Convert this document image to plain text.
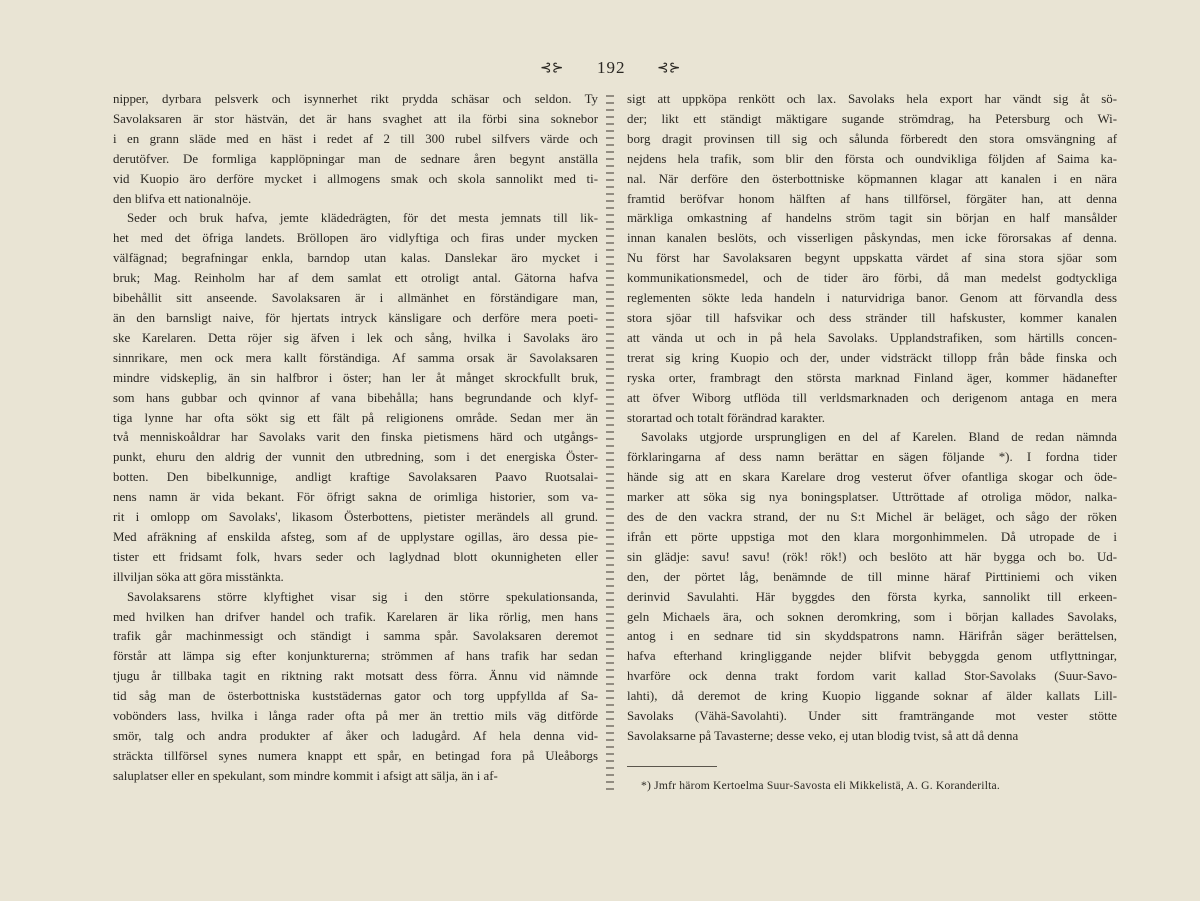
⊰⊱ 192 ⊰⊱

nipper, dyrbara pelsverk och isynnerhet rikt prydda schäsar och seldon. Ty

Savolaksaren är stor hästvän, det är hans svaghet att ila förbi sina soknebor

i en grann släde med en häst i redet af 2 till 300 rubel silfvers värde och

derutöfver. De formliga kapplöpningar man de sednare åren begynt anställa

vid Kuopio äro derföre mycket i allmogens smak och skola sannolikt med ti-

den blifva ett nationalnöje.

Seder och bruk hafva, jemte klädedrägten, för det mesta jemnats till lik-

het med det öfriga landets. Bröllopen äro vidlyftiga och firas under mycken

välfägnad; begrafningar enkla, barndop utan kalas. Danslekar äro mycket i

bruk; Mag. Reinholm har af dem samlat ett otroligt antal. Gätorna hafva

bibehållit sitt anseende. Savolaksaren är i allmänhet en förständigare man,

än den barnsligt naive, för hjertats intryck känsligare och derföre mera poeti-

ske Karelaren. Detta röjer sig äfven i lek och sång, hvilka i Savolaks äro

sinnrikare, men ock mera kallt förständiga. Af samma orsak är Savolaksaren

mindre vidskeplig, än sin halfbror i öster; han ler åt månget skrockfullt bruk,

som hans gubbar och qvinnor af vana bibehålla; hans begrundande och klyf-

tiga lynne har ofta sökt sig ett fält på religionens område. Sedan mer än

två menniskoåldrar har Savolaks varit den finska pietismens härd och utgångs-

punkt, ehuru den aldrig der vunnit den utbredning, som i det energiska Öster-

botten. Den bibelkunnige, andligt kraftige Savolaksaren Paavo Ruotsalai-

nens namn är vida bekant. För öfrigt sakna de orimliga historier, som va-

rit i omlopp om Savolaks', likasom Österbottens, pietister merändels all grund.

Med afräkning af enskilda afsteg, som af de upplystare ogillas, äro dessa pie-

tister ett fridsamt folk, hvars seder och laglydnad blott okunnigheten eller

illviljan söka att göra misstänkta.

Savolaksarens större klyftighet visar sig i den större spekulationsanda,

med hvilken han drifver handel och trafik. Karelaren är lika rörlig, men hans

trafik går machinmessigt och ständigt i samma spår. Savolaksaren deremot

förstår att lämpa sig efter konjunkturerna; strömmen af hans trafik har sedan

tjugu år tillbaka tagit en riktning rakt motsatt dess förra. Ännu vid nämnde

tid såg man de österbottniska kuststädernas gator och torg uppfyllda af Sa-

vobönders lass, hvilka i långa rader ofta på mer än trettio mils väg ditförde

smör, talg och andra produkter af åker och ladugård. Af hela denna vid-

sträckta tillförsel synes numera knappt ett spår, en betingad fora på Uleåborgs

saluplatser eller en spekulant, som mindre kommit i afsigt att sälja, än i af-

sigt att uppköpa renkött och lax. Savolaks hela export har vändt sig åt sö-

der; likt ett ständigt mäktigare sugande strömdrag, ha Petersburg och Wi-

borg dragit provinsen till sig och sålunda förberedt den stora omsvängning af

nejdens hela trafik, som blir den första och oundvikliga följden af Saima ka-

nal. När derföre den österbottniske köpmannen klagar att kanalen i en nära

framtid beröfvar honom hälften af hans tillförsel, förgäter han, att denna

märkliga omkastning af handelns ström tagit sin början en half mansålder

innan kanalen beslöts, och visserligen påskyndas, men icke förorsakas af denna.

Nu först har Savolaksaren begynt uppskatta värdet af sina stora sjöar som

kommunikationsmedel, och de tider äro förbi, då man medelst godtyckliga

reglementen sökte leda handeln i naturvidriga banor. Genom att förvandla dess

stora sjöar till hafsvikar och dess stränder till hafskuster, kommer kanalen

att vända ut och in på hela Savolaks. Upplandstrafiken, som härtills concen-

trerat sig kring Kuopio och der, under vidsträckt tillopp från både finska och

ryska orter, frambragt den största marknad Finland äger, kommer hädanefter

att öfver Wiborg utflöda till verldsmarknaden och derigenom antaga en mera

storartad och totalt förändrad karakter.

Savolaks utgjorde ursprungligen en del af Karelen. Bland de redan nämnda

förklaringarna af dess namn berättar en sägen följande *). I fordna tider

hände sig att en skara Karelare drog vesterut öfver ofantliga skogar och öde-

marker att söka sig nya boningsplatser. Uttröttade af otroliga mödor, nalka-

des de den vackra strand, der nu S:t Michel är beläget, och sågo der röken

ifrån ett pörte uppstiga mot den klara morgonhimmelen. Då utropade de i

sin glädje: savu! savu! (rök! rök!) och beslöto att här bygga och bo. Ud-

den, der pörtet låg, benämnde de till minne häraf Pirttiniemi och viken

derinvid Savulahti. Här byggdes den första kyrka, sannolikt till erkeen-

geln Michaels ära, och soknen deromkring, som i början kallades Savolaks,

antog i en sednare tid sin skyddspatrons namn. Härifrån säger berättelsen,

hafva efterhand kringliggande nejder blifvit bebyggda genom utflyttningar,

hvarföre ock denna trakt fordom varit kallad Stor-Savolaks (Suur-Savo-

lahti), då deremot de kring Kuopio liggande soknar af älder kallats Lill-

Savolaks (Vähä-Savolahti). Under sitt framträngande mot vester stötte

Savolaksarne på Tavasterne; desse veko, ej utan blodig tvist, så att då denna

*) Jmfr härom Kertoelma Suur-Savosta eli Mikkelistä, A. G. Koranderilta.
